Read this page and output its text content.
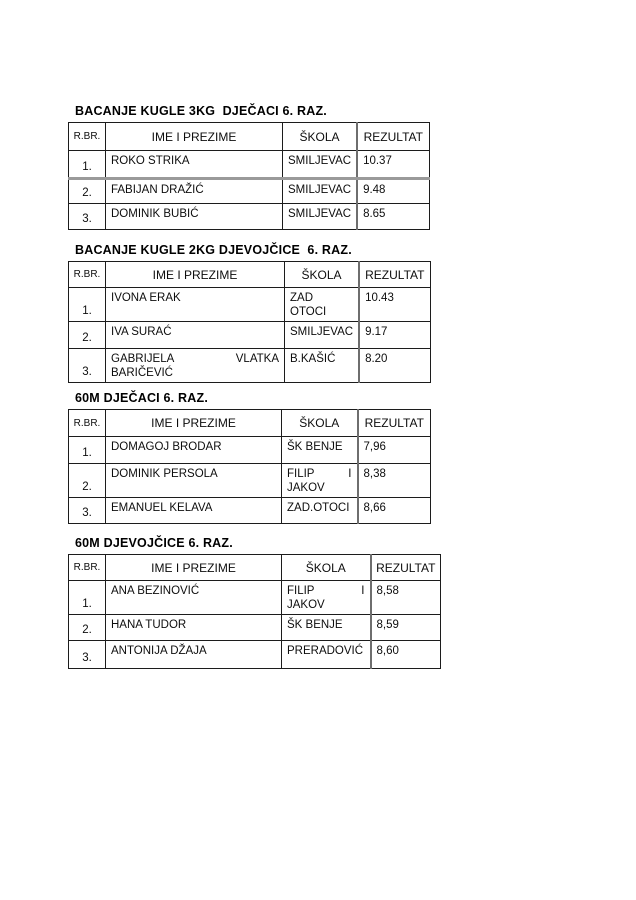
BACANJE KUGLE 3KG  DJEČACI 6. RAZ.
R.BR.	IME I PREZIME	ŠKOLA	REZULTAT
1.	ROKO STRIKA	SMILJEVAC	10.37
2.	FABIJAN DRAŽIĆ	SMILJEVAC	9.48
3.	DOMINIK BUBIĆ	SMILJEVAC	8.65
BACANJE KUGLE 2KG DJEVOJČICE  6. RAZ.
R.BR.	IME I PREZIME	ŠKOLA	REZULTAT
1.	IVONA ERAK	ZAD
OTOCI	10.43
2.	IVA SURAĆ	SMILJEVAC	9.17
3.	GABRIJELA VLATKA
BARIČEVIĆ	B.KAŠIĆ	8.20
60M DJEČACI 6. RAZ.
R.BR.	IME I PREZIME	ŠKOLA	REZULTAT
1.	DOMAGOJ BRODAR	ŠK BENJE	7,96
2.	DOMINIK PERSOLA	FILIP I
JAKOV	8,38
3.	EMANUEL KELAVA	ZAD.OTOCI	8,66
60M DJEVOJČICE 6. RAZ.
R.BR.	IME I PREZIME	ŠKOLA	REZULTAT
1.	ANA BEZINOVIĆ	FILIP I
JAKOV	8,58
2.	HANA TUDOR	ŠK BENJE	8,59
3.	ANTONIJA DŽAJA	PRERADOVIĆ	8,60
